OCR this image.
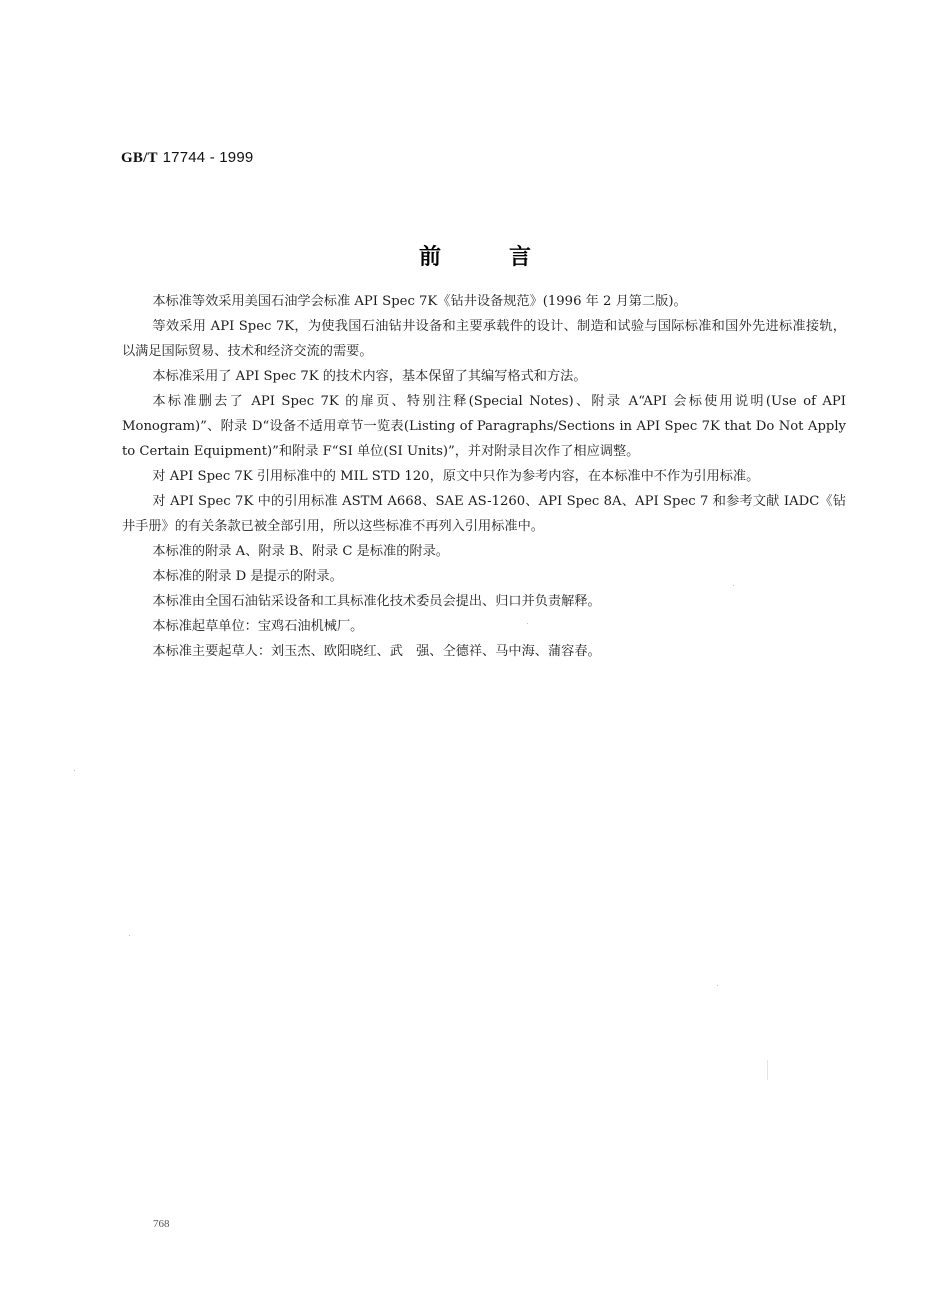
GB/T 17744 - 1999
前	言

本标准等效采用美国石油学会标准 API Spec 7K《钻井设备规范》(1996 年 2 月第二版)。

等效采用 API Spec 7K，为使我国石油钻井设备和主要承载件的设计、制造和试验与国际标准和国外先进标准接轨，以满足国际贸易、技术和经济交流的需要。

本标准采用了 API Spec 7K 的技术内容，基本保留了其编写格式和方法。

本标准删去了 API Spec 7K 的扉页、特别注释(Special Notes)、附录 A“API 会标使用说明(Use of API Monogram)”、附录 D“设备不适用章节一览表(Listing of Paragraphs/Sections in API Spec 7K that Do Not Apply to Certain Equipment)”和附录 F“SI 单位(SI Units)”，并对附录目次作了相应调整。

对 API Spec 7K 引用标准中的 MIL STD 120，原文中只作为参考内容，在本标准中不作为引用标准。

对 API Spec 7K 中的引用标准 ASTM A668、SAE AS-1260、API Spec 8A、API Spec 7 和参考文献 IADC《钻井手册》的有关条款已被全部引用，所以这些标准不再列入引用标准中。

本标准的附录 A、附录 B、附录 C 是标准的附录。

本标准的附录 D 是提示的附录。

本标准由全国石油钻采设备和工具标准化技术委员会提出、归口并负责解释。

本标准起草单位：宝鸡石油机械厂。

本标准主要起草人：刘玉杰、欧阳晓红、武　强、仝德祥、马中海、蒲容春。

768
